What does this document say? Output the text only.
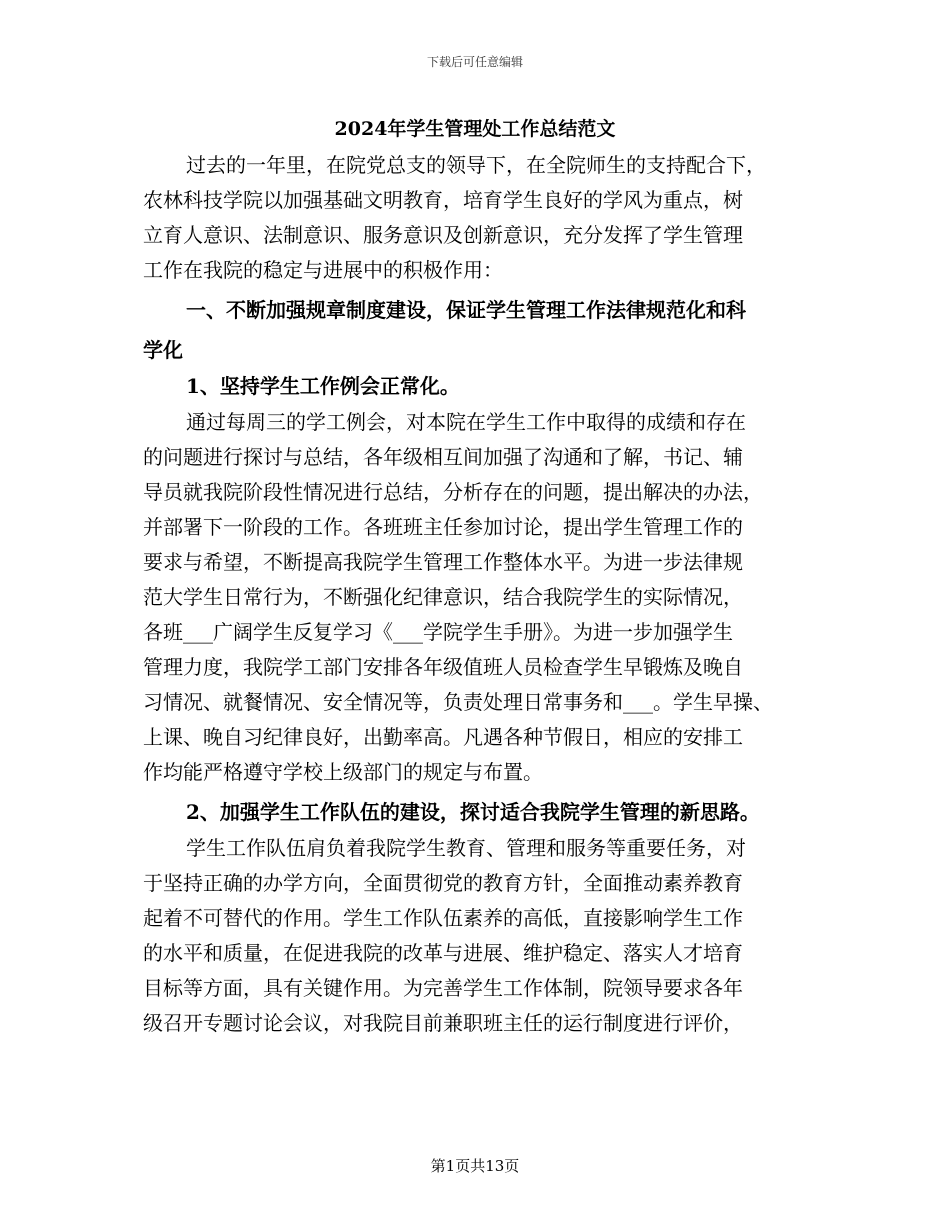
下载后可任意编辑
2024年学生管理处工作总结范文
过去的一年里，在院党总支的领导下，在全院师生的支持配合下，
农林科技学院以加强基础文明教育，培育学生良好的学风为重点，树
立育人意识、法制意识、服务意识及创新意识，充分发挥了学生管理
工作在我院的稳定与进展中的积极作用：
一、不断加强规章制度建设，保证学生管理工作法律规范化和科
学化
1、坚持学生工作例会正常化。
通过每周三的学工例会，对本院在学生工作中取得的成绩和存在
的问题进行探讨与总结，各年级相互间加强了沟通和了解，书记、辅
导员就我院阶段性情况进行总结，分析存在的问题，提出解决的办法，
并部署下一阶段的工作。各班班主任参加讨论，提出学生管理工作的
要求与希望，不断提高我院学生管理工作整体水平。为进一步法律规
范大学生日常行为，不断强化纪律意识，结合我院学生的实际情况，
各班___广阔学生反复学习《___学院学生手册》。为进一步加强学生
管理力度，我院学工部门安排各年级值班人员检查学生早锻炼及晚自
习情况、就餐情况、安全情况等，负责处理日常事务和___。学生早操、
上课、晚自习纪律良好，出勤率高。凡遇各种节假日，相应的安排工
作均能严格遵守学校上级部门的规定与布置。
2、加强学生工作队伍的建设，探讨适合我院学生管理的新思路。
学生工作队伍肩负着我院学生教育、管理和服务等重要任务，对
于坚持正确的办学方向，全面贯彻党的教育方针，全面推动素养教育
起着不可替代的作用。学生工作队伍素养的高低，直接影响学生工作
的水平和质量，在促进我院的改革与进展、维护稳定、落实人才培育
目标等方面，具有关键作用。为完善学生工作体制，院领导要求各年
级召开专题讨论会议，对我院目前兼职班主任的运行制度进行评价，
第1页共13页
